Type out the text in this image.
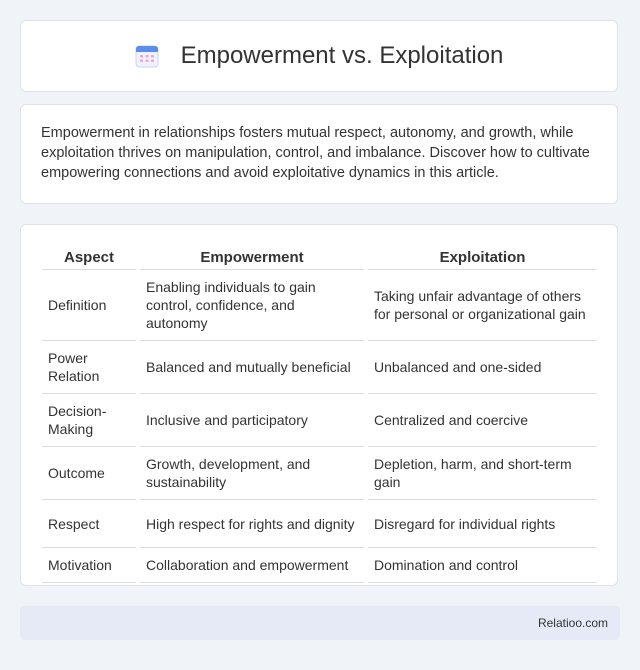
Empowerment vs. Exploitation

Empowerment in relationships fosters mutual respect, autonomy, and growth, while exploitation thrives on manipulation, control, and imbalance. Discover how to cultivate empowering connections and avoid exploitative dynamics in this article.

Aspect	Empowerment	Exploitation
Definition	Enabling individuals to gain control, confidence, and autonomy	Taking unfair advantage of others for personal or organizational gain
Power Relation	Balanced and mutually beneficial	Unbalanced and one-sided
Decision-Making	Inclusive and participatory	Centralized and coercive
Outcome	Growth, development, and sustainability	Depletion, harm, and short-term gain
Respect	High respect for rights and dignity	Disregard for individual rights
Motivation	Collaboration and empowerment	Domination and control
Relatioo.com
